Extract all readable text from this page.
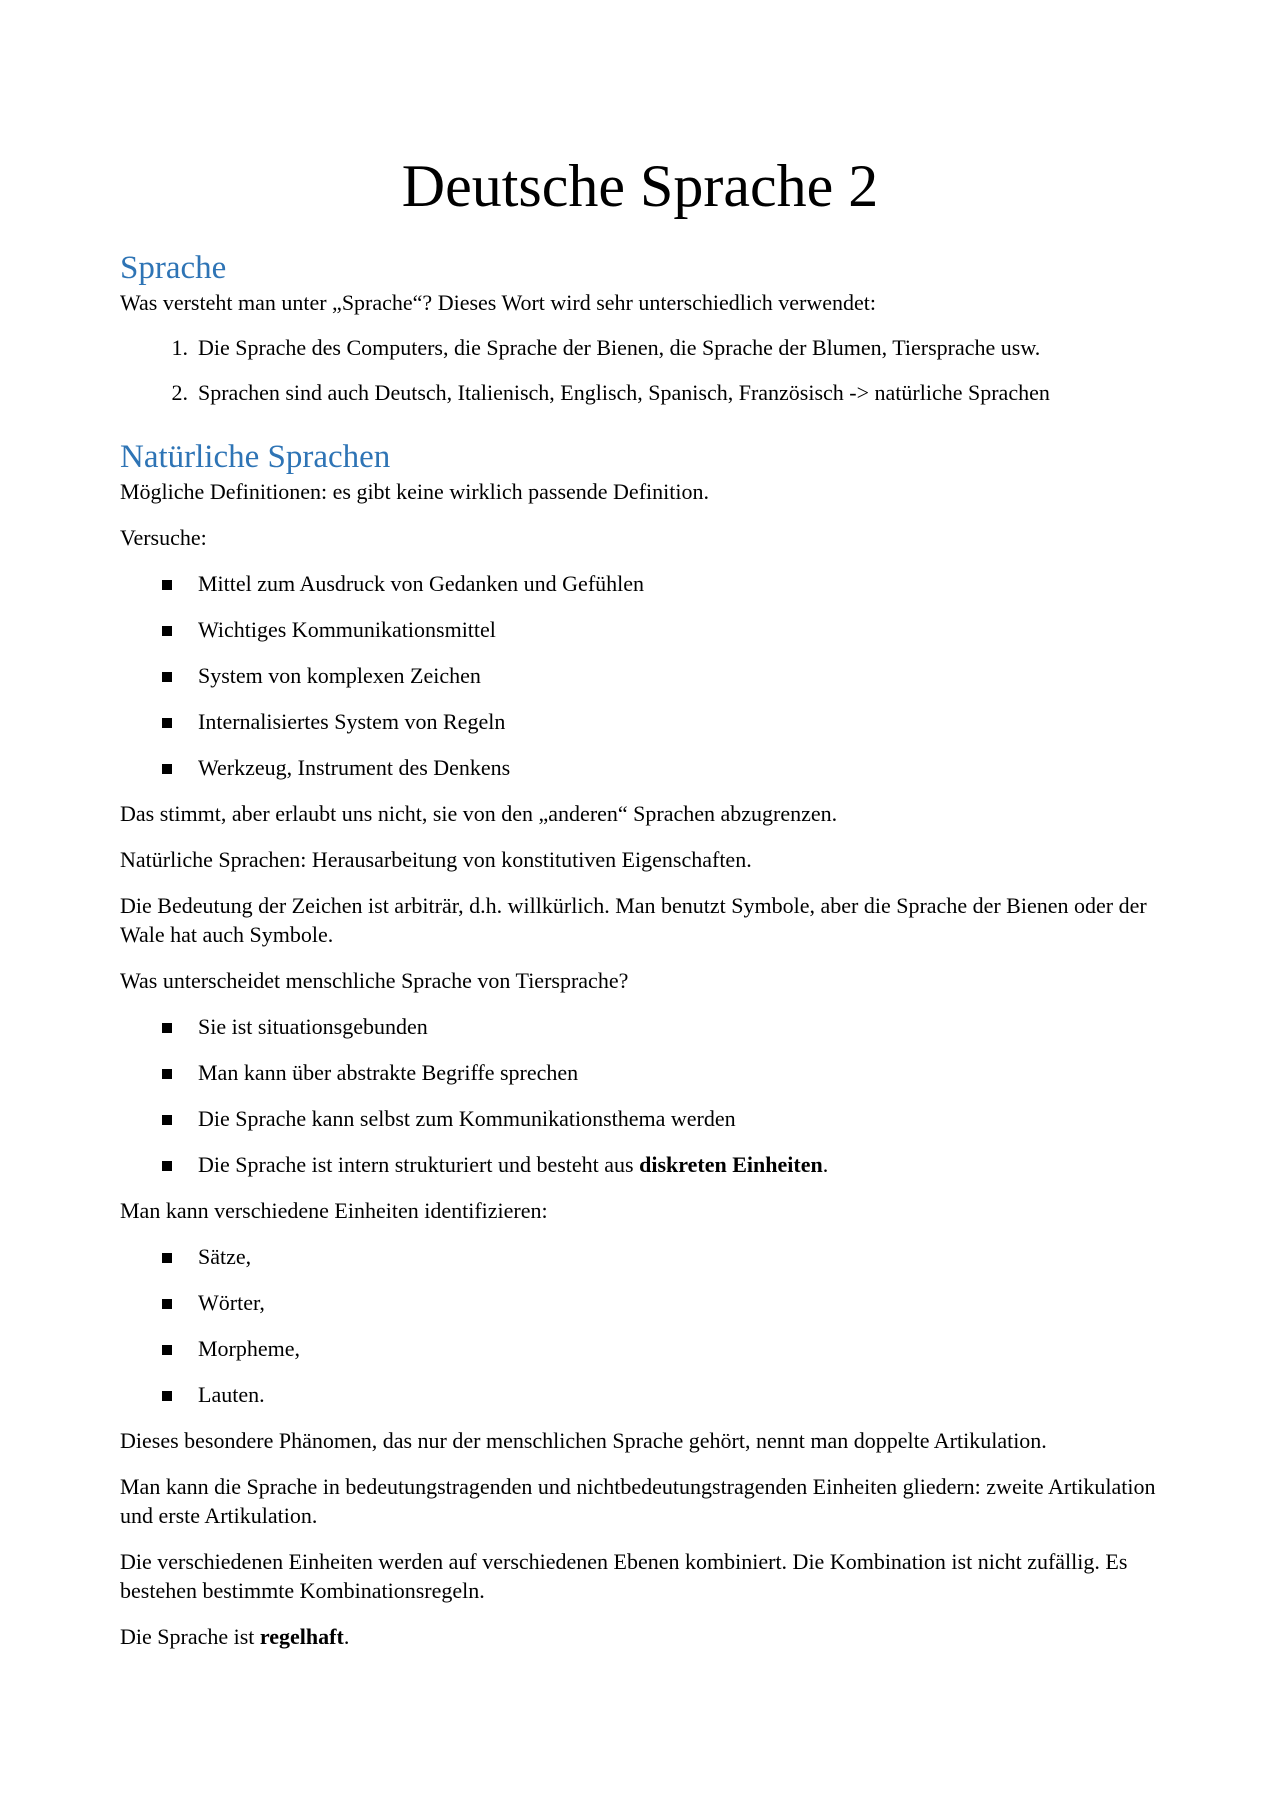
Deutsche Sprache 2
Sprache

Was versteht man unter „Sprache“? Dieses Wort wird sehr unterschiedlich verwendet:

1. Die Sprache des Computers, die Sprache der Bienen, die Sprache der Blumen, Tiersprache usw.
2. Sprachen sind auch Deutsch, Italienisch, Englisch, Spanisch, Französisch -> natürliche Sprachen
Natürliche Sprachen

Mögliche Definitionen: es gibt keine wirklich passende Definition.

Versuche:

Mittel zum Ausdruck von Gedanken und Gefühlen
Wichtiges Kommunikationsmittel
System von komplexen Zeichen
Internalisiertes System von Regeln
Werkzeug, Instrument des Denkens

Das stimmt, aber erlaubt uns nicht, sie von den „anderen“ Sprachen abzugrenzen.

Natürliche Sprachen: Herausarbeitung von konstitutiven Eigenschaften.

Die Bedeutung der Zeichen ist arbiträr, d.h. willkürlich. Man benutzt Symbole, aber die Sprache der Bienen oder der Wale hat auch Symbole.

Was unterscheidet menschliche Sprache von Tiersprache?

Sie ist situationsgebunden
Man kann über abstrakte Begriffe sprechen
Die Sprache kann selbst zum Kommunikationsthema werden
Die Sprache ist intern strukturiert und besteht aus diskreten Einheiten.

Man kann verschiedene Einheiten identifizieren:

Sätze,
Wörter,
Morpheme,
Lauten.

Dieses besondere Phänomen, das nur der menschlichen Sprache gehört, nennt man doppelte Artikulation.

Man kann die Sprache in bedeutungstragenden und nichtbedeutungstragenden Einheiten gliedern: zweite Artikulation und erste Artikulation.

Die verschiedenen Einheiten werden auf verschiedenen Ebenen kombiniert. Die Kombination ist nicht zufällig. Es bestehen bestimmte Kombinationsregeln.

Die Sprache ist regelhaft.
